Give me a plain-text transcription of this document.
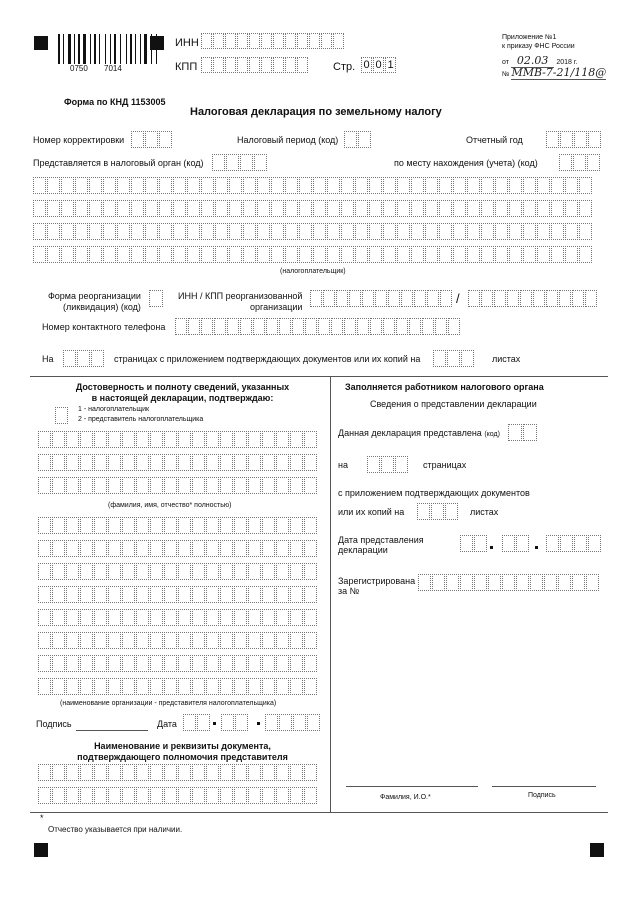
0750 7014
ИНН
КПП	Стр. 0 0 1
Приложение №1
к приказу ФНС России
от 02.03 2018 г.
№ ММВ-7-21/118@
Форма по КНД 1153005
Налоговая декларация по земельному налогу
Номер корректировки	Налоговый период (код)	Отчетный год
Представляется в налоговый орган (код)	по месту нахождения (учета) (код)
(налогоплательщик)
Форма реорганизации
(ликвидация) (код)
ИНН / КПП реорганизованной
организации
/
Номер контактного телефона
На	страницах с приложением подтверждающих документов или их копий на	листах
Достоверность и полноту сведений, указанных
в настоящей декларации, подтверждаю:
1 - налогоплательщик
2 - представитель налогоплательщика
(фамилия, имя, отчество* полностью)
(наименование организации - представителя налогоплательщика)
Подпись	Дата
Наименование и реквизиты документа,
подтверждающего полномочия представителя
Заполняется работником налогового органа
Сведения о представлении декларации
Данная декларация представлена (код)
на	страницах
с приложением подтверждающих документов
или их копий на	листах
Дата представления
декларации
Зарегистрирована
за №
Фамилия, И.О.*	Подпись
*
Отчество указывается при наличии.
